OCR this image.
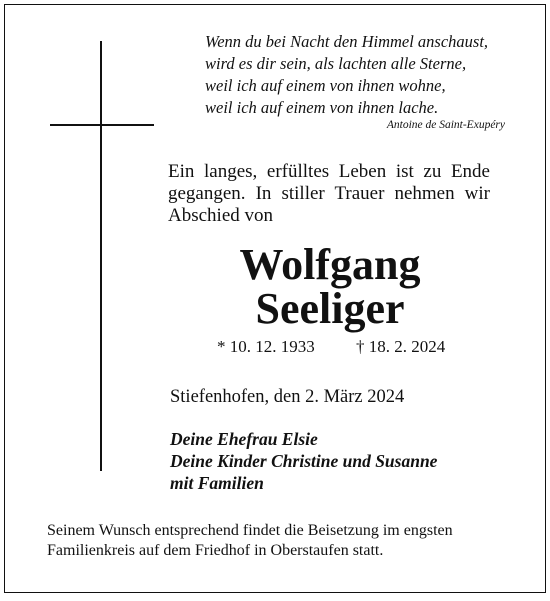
Wenn du bei Nacht den Himmel anschaust,
wird es dir sein, als lachten alle Sterne,
weil ich auf einem von ihnen wohne,
weil ich auf einem von ihnen lache.
Antoine de Saint-Exupéry
Ein langes, erfülltes Leben ist zu Ende gegangen. In stiller Trauer nehmen wir Abschied von
Wolfgang
Seeliger
* 10. 12. 1933 † 18. 2. 2024
Stiefenhofen, den 2. März 2024
Deine Ehefrau Elsie
Deine Kinder Christine und Susanne
mit Familien
Seinem Wunsch entsprechend findet die Beisetzung im engsten
Familienkreis auf dem Friedhof in Oberstaufen statt.
